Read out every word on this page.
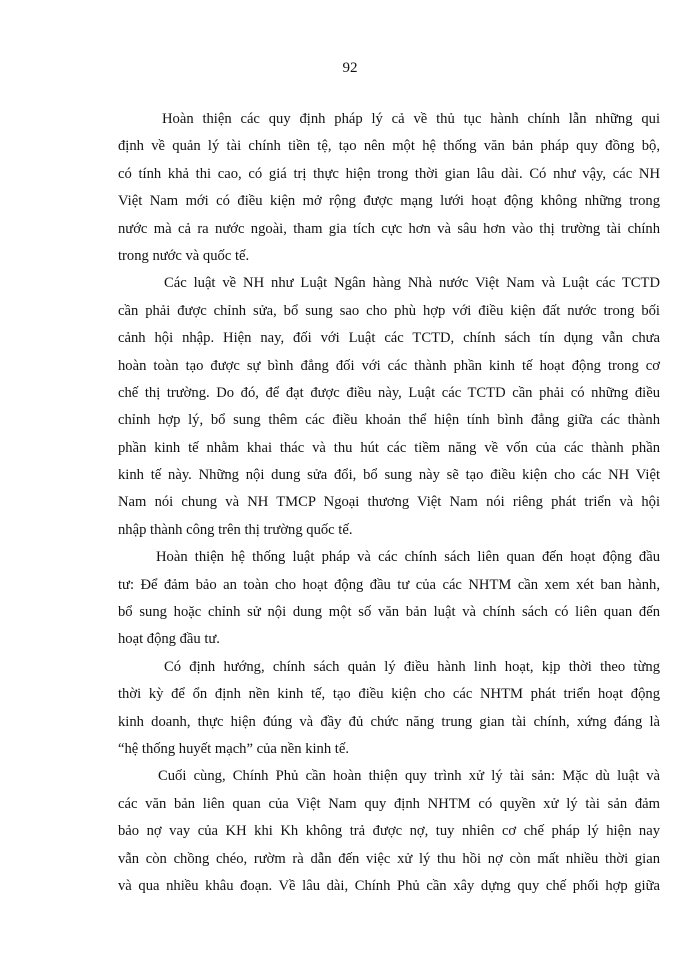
92
Hoàn thiện các quy định pháp lý cả về thủ tục hành chính lẫn những qui
định về quản lý tài chính tiền tệ, tạo nên một hệ thống văn bản pháp quy đồng bộ,
có tính khả thi cao, có giá trị thực hiện trong thời gian lâu dài. Có như vậy, các NH
Việt Nam mới có điều kiện mở rộng được mạng lưới hoạt động không những trong
nước mà cả ra nước ngoài, tham gia tích cực hơn và sâu hơn vào thị trường tài chính
trong nước và quốc tế.
Các luật về NH như Luật Ngân hàng Nhà nước Việt Nam và Luật các TCTD
cần phải được chỉnh sửa, bổ sung sao cho phù hợp với điều kiện đất nước trong bối
cảnh hội nhập. Hiện nay, đối với Luật các TCTD, chính sách tín dụng vẫn chưa
hoàn toàn tạo được sự bình đẳng đối với các thành phần kinh tế hoạt động trong cơ
chế thị trường. Do đó, để đạt được điều này, Luật các TCTD cần phải có những điều
chỉnh hợp lý, bổ sung thêm các điều khoản thể hiện tính bình đẳng giữa các thành
phần kinh tế nhằm khai thác và thu hút các tiềm năng về vốn của các thành phần
kinh tế này. Những nội dung sửa đổi, bổ sung này sẽ tạo điều kiện cho các NH Việt
Nam nói chung và NH TMCP Ngoại thương Việt Nam nói riêng phát triển và hội
nhập thành công trên thị trường quốc tế.
Hoàn thiện hệ thống luật pháp và các chính sách liên quan đến hoạt động đầu
tư: Để đảm bảo an toàn cho hoạt động đầu tư của các NHTM cần xem xét ban hành,
bổ sung hoặc chỉnh sử nội dung một số văn bản luật và chính sách có liên quan đến
hoạt động đầu tư.
Có định hướng, chính sách quản lý điều hành linh hoạt, kịp thời theo từng
thời kỳ để ổn định nền kinh tế, tạo điều kiện cho các NHTM phát triển hoạt động
kinh doanh, thực hiện đúng và đầy đủ chức năng trung gian tài chính, xứng đáng là
“hệ thống huyết mạch” của nền kinh tế.
Cuối cùng, Chính Phủ cần hoàn thiện quy trình xử lý tài sản: Mặc dù luật và
các văn bản liên quan của Việt Nam quy định NHTM có quyền xử lý tài sản đảm
bảo nợ vay của KH khi Kh không trả được nợ, tuy nhiên cơ chế pháp lý hiện nay
vẫn còn chồng chéo, rườm rà dẫn đến việc xử lý thu hồi nợ còn mất nhiều thời gian
và qua nhiều khâu đoạn. Về lâu dài, Chính Phủ cần xây dựng quy chế phối hợp giữa
